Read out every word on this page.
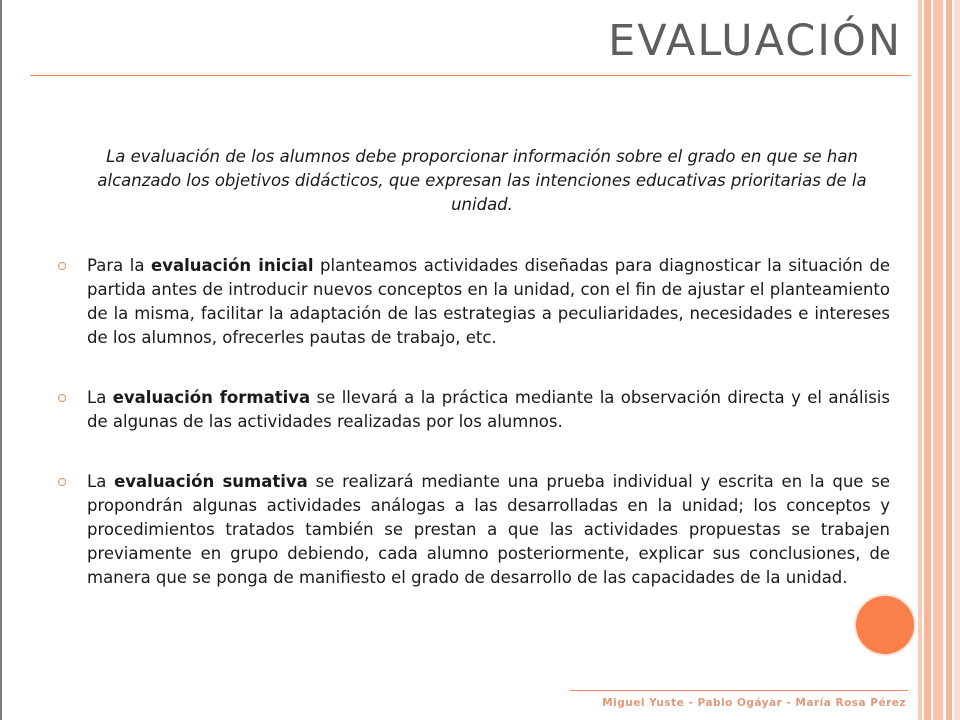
EVALUACIÓN

La evaluación de los alumnos debe proporcionar información sobre el grado en que se han alcanzado los objetivos didácticos, que expresan las intenciones educativas prioritarias de la unidad.

Para la evaluación inicial planteamos actividades diseñadas para diagnosticar la situación de partida antes de introducir nuevos conceptos en la unidad, con el fin de ajustar el planteamiento de la misma, facilitar la adaptación de las estrategias a peculiaridades, necesidades e intereses de los alumnos, ofrecerles pautas de trabajo, etc.
La evaluación formativa se llevará a la práctica mediante la observación directa y el análisis de algunas de las actividades realizadas por los alumnos.
La evaluación sumativa se realizará mediante una prueba individual y escrita en la que se propondrán algunas actividades análogas a las desarrolladas en la unidad; los conceptos y procedimientos tratados también se prestan a que las actividades propuestas se trabajen previamente en grupo debiendo, cada alumno posteriormente, explicar sus conclusiones, de manera que se ponga de manifiesto el grado de desarrollo de las capacidades de la unidad.

Miguel Yuste - Pablo Ogáyar - María Rosa Pérez
